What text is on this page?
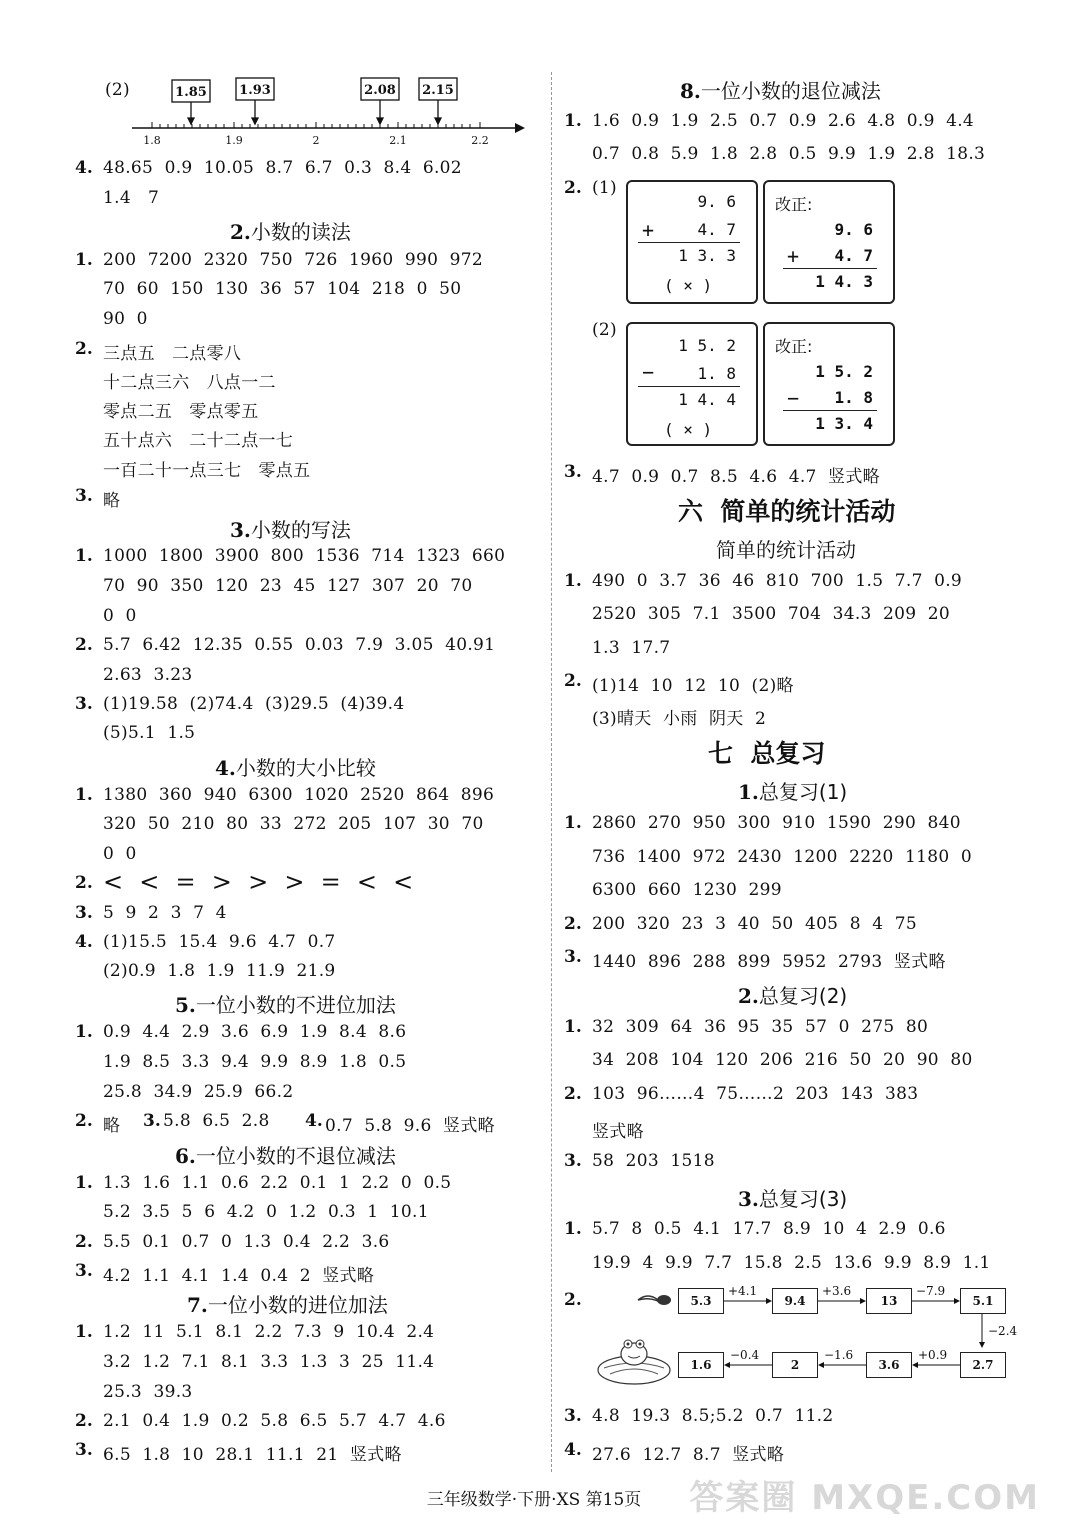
(2)	1.85 1.93	2.08 2.15
1.8	1.9	2	2.1	2.2
4. 48.65  0.9  10.05  8.7  6.7  0.3  8.4  6.02
1.4   7
2.小数的读法
1. 200  7200  2320  750  726  1960  990  972
70  60  150  130  36  57  104  218  0  50
90  0
2. 三点五   二点零八
十二点三六   八点一二
零点二五   零点零五
五十点六   二十二点一七
一百二十一点三七   零点五
3. 略
3.小数的写法
1. 1000  1800  3900  800  1536  714  1323  660
70  90  350  120  23  45  127  307  20  70
0  0
2. 5.7  6.42  12.35  0.55  0.03  7.9  3.05  40.91
2.63  3.23
3. (1)19.58  (2)74.4  (3)29.5  (4)39.4
(5)5.1  1.5
4.小数的大小比较
1. 1380  360  940  6300  1020  2520  864  896
320  50  210  80  33  272  205  107  30  70
0  0
2. <  <  =  >  >  >  =  <  <
3. 5  9  2  3  7  4
4. (1)15.5  15.4  9.6  4.7  0.7
(2)0.9  1.8  1.9  11.9  21.9
5.一位小数的不进位加法
1. 0.9  4.4  2.9  3.6  6.9  1.9  8.4  8.6
1.9  8.5  3.3  9.4  9.9  8.9  1.8  0.5
25.8  34.9  25.9  66.2
2. 略 3. 5.8  6.5  2.8 4. 0.7  5.8  9.6  竖式略
6.一位小数的不退位减法
1. 1.3  1.6  1.1  0.6  2.2  0.1  1  2.2  0  0.5
5.2  3.5  5  6  4.2  0  1.2  0.3  1  10.1
2. 5.5  0.1  0.7  0  1.3  0.4  2.2  3.6
3. 4.2  1.1  4.1  1.4  0.4  2  竖式略
7.一位小数的进位加法
1. 1.2  11  5.1  8.1  2.2  7.3  9  10.4  2.4
3.2  1.2  7.1  8.1  3.3  1.3  3  25  11.4
25.3  39.3
2. 2.1  0.4  1.9  0.2  5.8  6.5  5.7  4.7  4.6
3. 6.5  1.8  10  28.1  11.1  21  竖式略
8.一位小数的退位减法
1. 1.6  0.9  1.9  2.5  0.7  0.9  2.6  4.8  0.9  4.4
0.7  0.8  5.9  1.8  2.8  0.5  9.9  1.9  2.8  18.3
2. (1)
9. 6
+	4. 7
1 3. 3
( × )
改正:
9. 6
+ 4. 7
1 4. 3
(2)
1 5. 2
−	1. 8
1 4. 4
( × )
改正:
1 5. 2
− 1. 8
1 3. 4
3. 4.7  0.9  0.7  8.5  4.6  4.7  竖式略
六  简单的统计活动
简单的统计活动
1. 490  0  3.7  36  46  810  700  1.5  7.7  0.9
2520  305  7.1  3500  704  34.3  209  20
1.3  17.7
2. (1)14  10  12  10  (2)略
(3)晴天  小雨  阴天  2
七  总复习
1.总复习(1)
1. 2860  270  950  300  910  1590  290  840
736  1400  972  2430  1200  2220  1180  0
6300  660  1230  299
2. 200  320  23  3  40  50  405  8  4  75
3. 1440  896  288  899  5952  2793  竖式略
2.总复习(2)
1. 32  309  64  36  95  35  57  0  275  80
34  208  104  120  206  216  50  20  90  80
2. 103  96……4  75……2  203  143  383
竖式略
3. 58  203  1518
3.总复习(3)
1. 5.7  8  0.5  4.1  17.7  8.9  10  4  2.9  0.6
19.9  4  9.9  7.7  15.8  2.5  13.6  9.9  8.9  1.1
2.	5.3
+4.1
9.4
+3.6
13
−7.9
5.1
−2.4
2.7
+0.9
3.6
−1.6
2
−0.4
1.6
3. 4.8  19.3  8.5;5.2  0.7  11.2
4. 27.6  12.7  8.7  竖式略
三年级数学·下册·XS 第15页	答案圈 MXQE.COM
